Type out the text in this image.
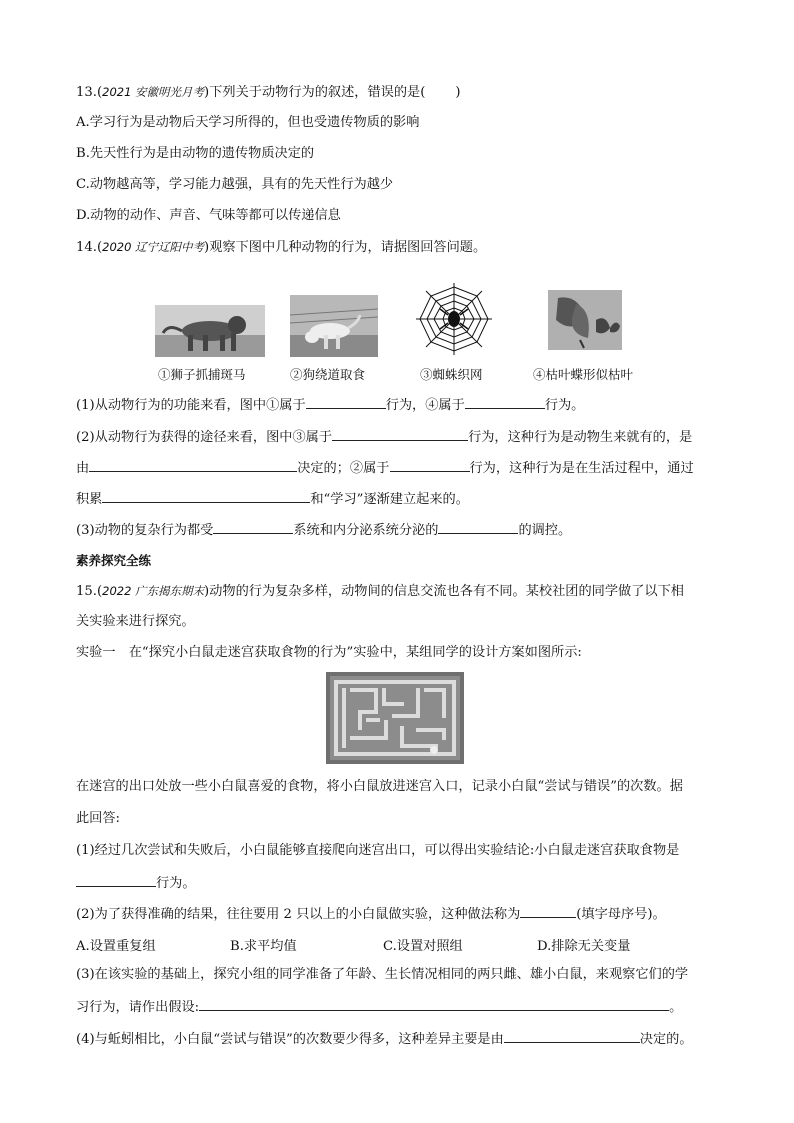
13.(2021 安徽明光月考)下列关于动物行为的叙述，错误的是( )
A.学习行为是动物后天学习所得的，但也受遗传物质的影响
B.先天性行为是由动物的遗传物质决定的
C.动物越高等，学习能力越强，具有的先天性行为越少
D.动物的动作、声音、气味等都可以传递信息
14.(2020 辽宁辽阳中考)观察下图中几种动物的行为，请据图回答问题。
①狮子抓捕斑马	②狗绕道取食	③蜘蛛织网	④枯叶蝶形似枯叶
(1)从动物行为的功能来看，图中①属于	行为，④属于	行为。
(2)从动物行为获得的途径来看，图中③属于	行为，这种行为是动物生来就有的，是
由	决定的；②属于	行为，这种行为是在生活过程中，通过
积累	和“学习”逐渐建立起来的。
(3)动物的复杂行为都受	系统和内分泌系统分泌的	的调控。
素养探究全练
15.(2022 广东揭东期末)动物的行为复杂多样，动物间的信息交流也各有不同。某校社团的同学做了以下相
关实验来进行探究。
实验一　在“探究小白鼠走迷宫获取食物的行为”实验中，某组同学的设计方案如图所示:
在迷宫的出口处放一些小白鼠喜爱的食物，将小白鼠放进迷宫入口，记录小白鼠“尝试与错误”的次数。据
此回答:
(1)经过几次尝试和失败后，小白鼠能够直接爬向迷宫出口，可以得出实验结论:小白鼠走迷宫获取食物是
行为。
(2)为了获得准确的结果，往往要用 2 只以上的小白鼠做实验，这种做法称为	(填字母序号)。
A.设置重复组	B.求平均值	C.设置对照组	D.排除无关变量
(3)在该实验的基础上，探究小组的同学准备了年龄、生长情况相同的两只雌、雄小白鼠，来观察它们的学
习行为，请作出假设:	。
(4)与蚯蚓相比，小白鼠“尝试与错误”的次数要少得多，这种差异主要是由	决定的。
